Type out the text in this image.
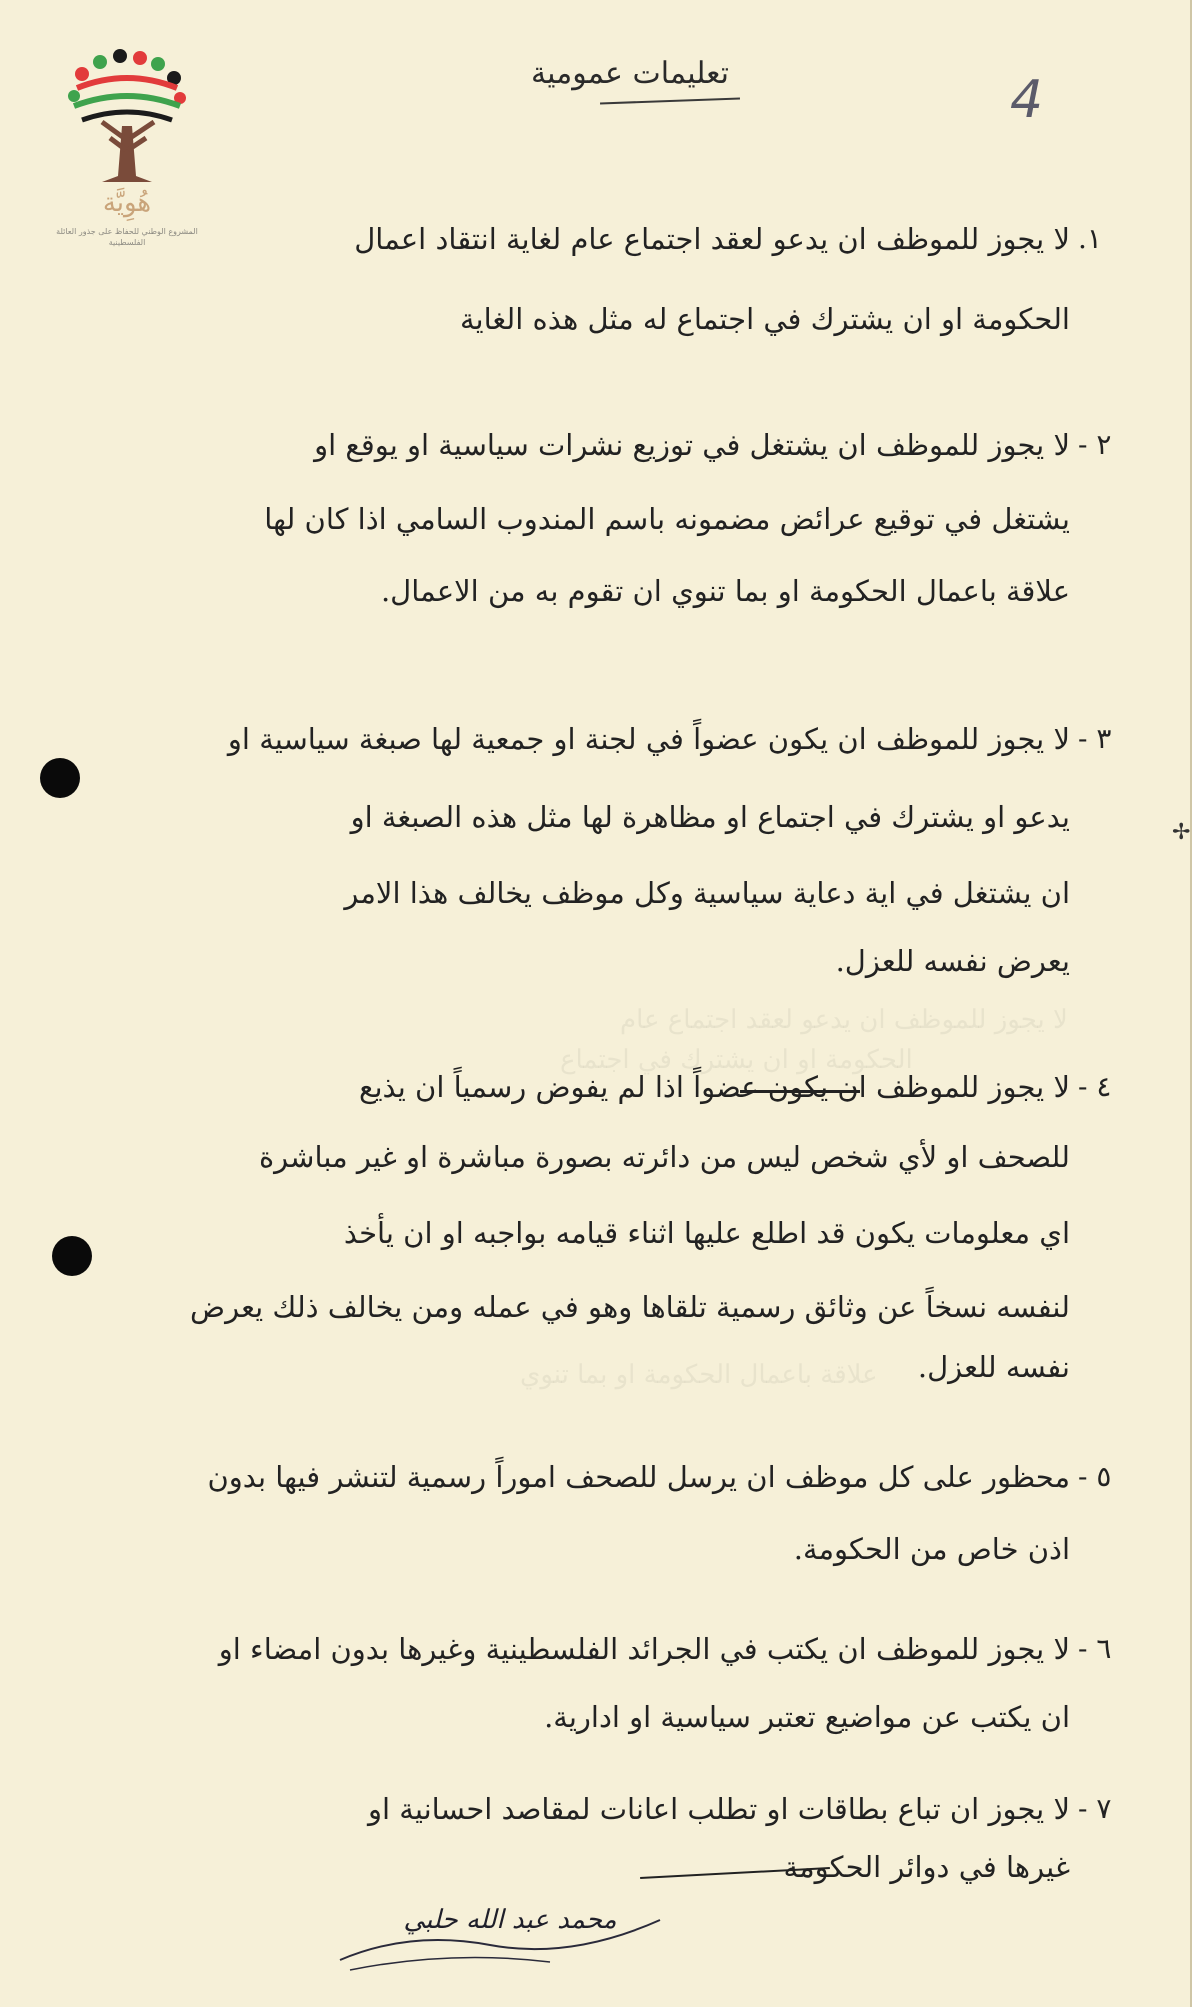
لا يجوز للموظف ان يدعو لعقد اجتماع عام
الحكومة او ان يشترك في اجتماع
علاقة باعمال الحكومة او بما تنوي
هُوِيَّة
المشروع الوطني للحفاظ على جذور العائلة الفلسطينية
تعليمات عمومية	4
١.
لا يجوز للموظف ان يدعو لعقد اجتماع عام لغاية انتقاد اعمال
الحكومة او ان يشترك في اجتماع له مثل هذه الغاية
٢ -
لا يجوز للموظف ان يشتغل في توزيع نشرات سياسية او يوقع او
يشتغل في توقيع عرائض مضمونه باسم المندوب السامي اذا كان لها
علاقة باعمال الحكومة او بما تنوي ان تقوم به من الاعمال.
٣ -
لا يجوز للموظف ان يكون عضواً في لجنة او جمعية لها صبغة سياسية او
يدعو او يشترك في اجتماع او مظاهرة لها مثل هذه الصبغة او
ان يشتغل في اية دعاية سياسية وكل موظف يخالف هذا الامر
يعرض نفسه للعزل.
٤ -
لا يجوز للموظف ان يكون عضواً اذا لم يفوض رسمياً ان يذيع
للصحف او لأي شخص ليس من دائرته بصورة مباشرة او غير مباشرة
اي معلومات يكون قد اطلع عليها اثناء قيامه بواجبه او ان يأخذ
لنفسه نسخاً عن وثائق رسمية تلقاها وهو في عمله ومن يخالف ذلك يعرض
نفسه للعزل.
٥ -
محظور على كل موظف ان يرسل للصحف اموراً رسمية لتنشر فيها بدون
اذن خاص من الحكومة.
٦ -
لا يجوز للموظف ان يكتب في الجرائد الفلسطينية وغيرها بدون امضاء او
ان يكتب عن مواضيع تعتبر سياسية او ادارية.
٧ -
لا يجوز ان تباع بطاقات او تطلب اعانات لمقاصد احسانية او
غيرها في دوائر الحكومة
✢
محمد عبد الله حلبي
